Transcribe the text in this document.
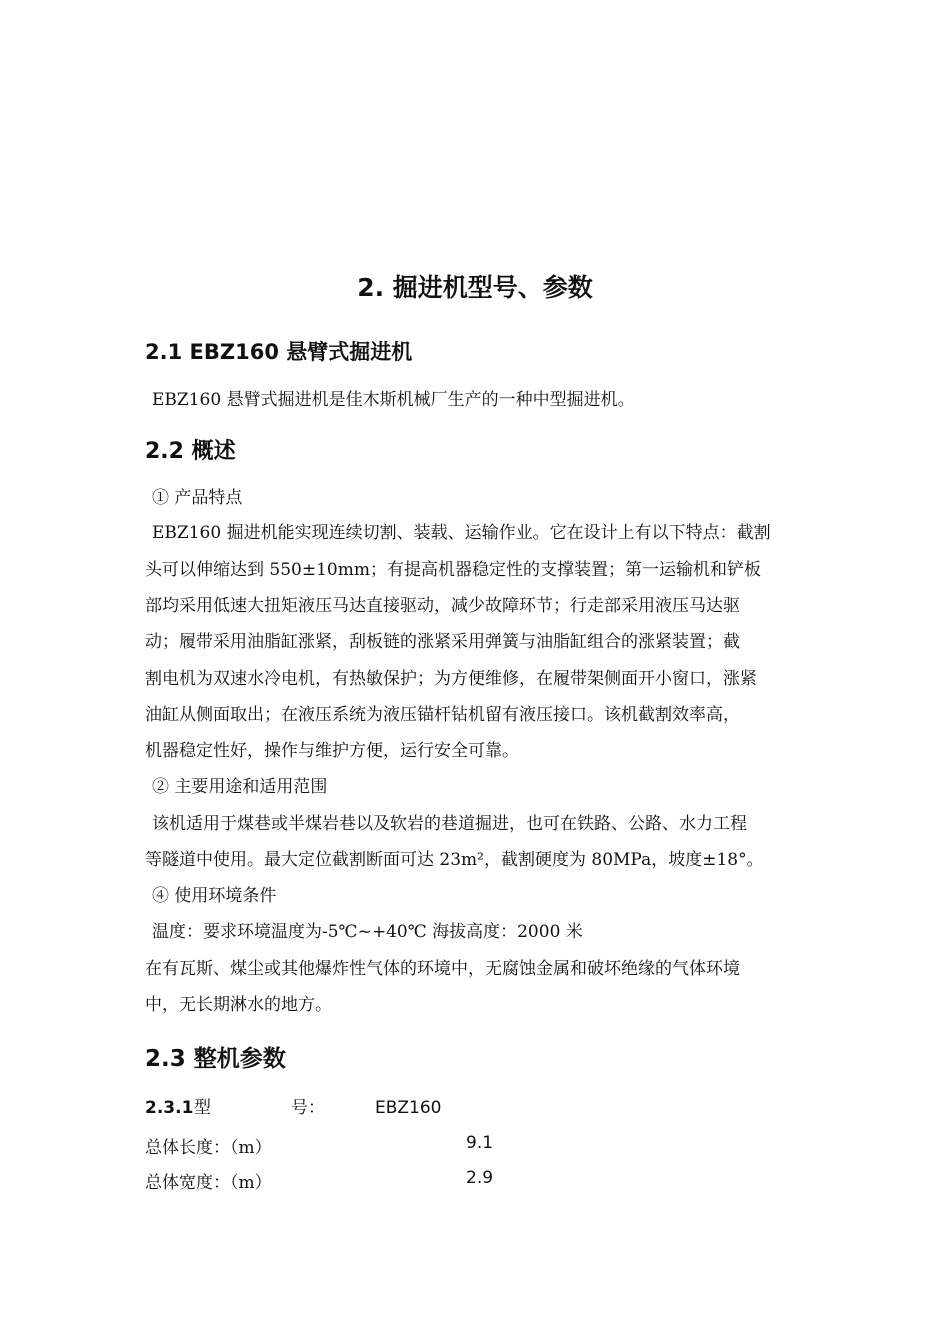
2. 掘进机型号、参数
2.1 EBZ160 悬臂式掘进机
EBZ160 悬臂式掘进机是佳木斯机械厂生产的一种中型掘进机。
2.2 概述
① 产品特点
EBZ160 掘进机能实现连续切割、装载、运输作业。它在设计上有以下特点：截割
头可以伸缩达到 550±10mm；有提高机器稳定性的支撑装置；第一运输机和铲板
部均采用低速大扭矩液压马达直接驱动，减少故障环节；行走部采用液压马达驱
动；履带采用油脂缸涨紧，刮板链的涨紧采用弹簧与油脂缸组合的涨紧装置；截
割电机为双速水冷电机，有热敏保护；为方便维修，在履带架侧面开小窗口，涨紧
油缸从侧面取出；在液压系统为液压锚杆钻机留有液压接口。该机截割效率高，
机器稳定性好，操作与维护方便，运行安全可靠。
② 主要用途和适用范围
该机适用于煤巷或半煤岩巷以及软岩的巷道掘进，也可在铁路、公路、水力工程
等隧道中使用。最大定位截割断面可达 23m²，截割硬度为 80MPa，坡度±18°。
④ 使用环境条件
温度：要求环境温度为-5℃~+40℃ 海拔高度：2000 米
在有瓦斯、煤尘或其他爆炸性气体的环境中，无腐蚀金属和破坏绝缘的气体环境
中，无长期淋水的地方。
2.3 整机参数
2.3.1 型	号：	EBZ160
总体长度：（m）	9.1
总体宽度：（m）	2.9
